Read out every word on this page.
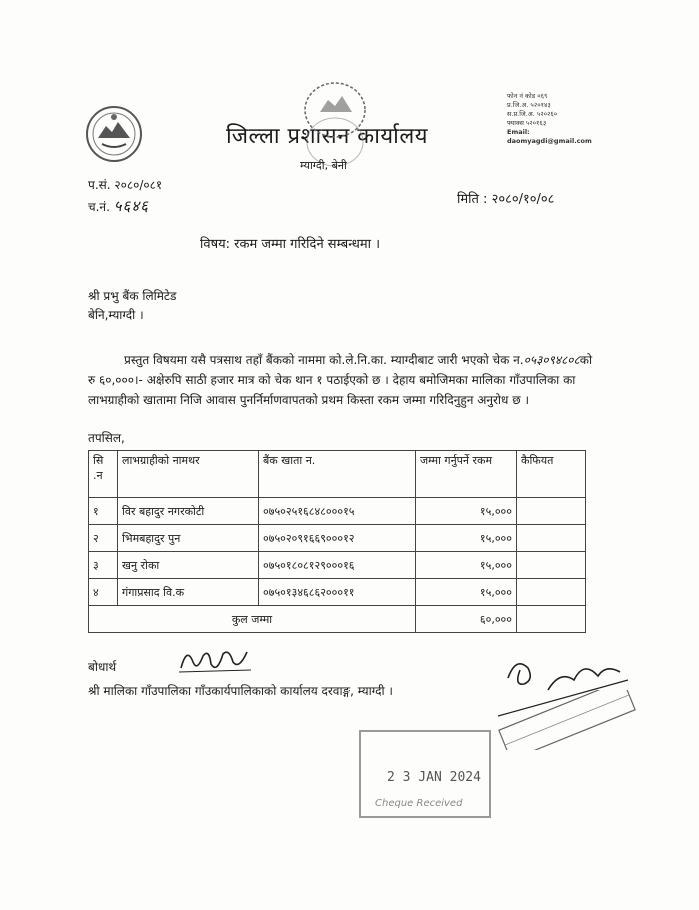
जिल्ला प्रशासन कार्यालय
म्याग्दी, बेनी
फोन नं कोड ०६९
प्र.जि.अ. ५२०१४३
स.प्र.जि.अ. ५२०२६०
फ्याक्स ५२०१६३
Email:
daomyagdi@gmail.com
प.सं. २०८०/०८१
च.नं. ५६४६	मिति : २०८०/१०/०८
विषय: रकम जम्मा गरिदिने सम्बन्धमा ।
श्री प्रभु बैंक लिमिटेड
बेनि,म्याग्दी ।
प्रस्तुत विषयमा यसै पत्रसाथ तहाँ बैंकको नाममा को.ले.नि.का. म्याग्दीबाट जारी भएको चेक न.०५३०९४८०८को रु ६०,०००।- अक्षेरुपि साठी हजार मात्र को चेक थान १ पठाईएको छ । देहाय बमोजिमका मालिका गाँउपालिका का लाभग्राहीको खातामा निजि आवास पुनर्निर्माणवापतको प्रथम किस्ता रकम जम्मा गरिदिनुहुन अनुरोध छ ।
तपसिल,
सि .न	लाभग्राहीको नामथर	बैंक खाता न.	जम्मा गर्नुपर्ने रकम	कैफियत
१	विर बहादुर नगरकोटी	०७५०२५१६८४८०००१५	१५,०००	
२	भिमबहादुर पुन	०७५०२०९१६६९०००१२	१५,०००	
३	खनु रोका	०७५०१८०८१२९०००१६	१५,०००	
४	गंगाप्रसाद वि.क	०७५०१३४६८६२०००११	१५,०००	
कुल जम्मा			६०,०००	
बोधार्थ
श्री मालिका गाँउपालिका गाँउकार्यपालिकाको कार्यालय दरवाङ्ग, म्याग्दी ।
2 3 JAN 2024
Cheque Received
